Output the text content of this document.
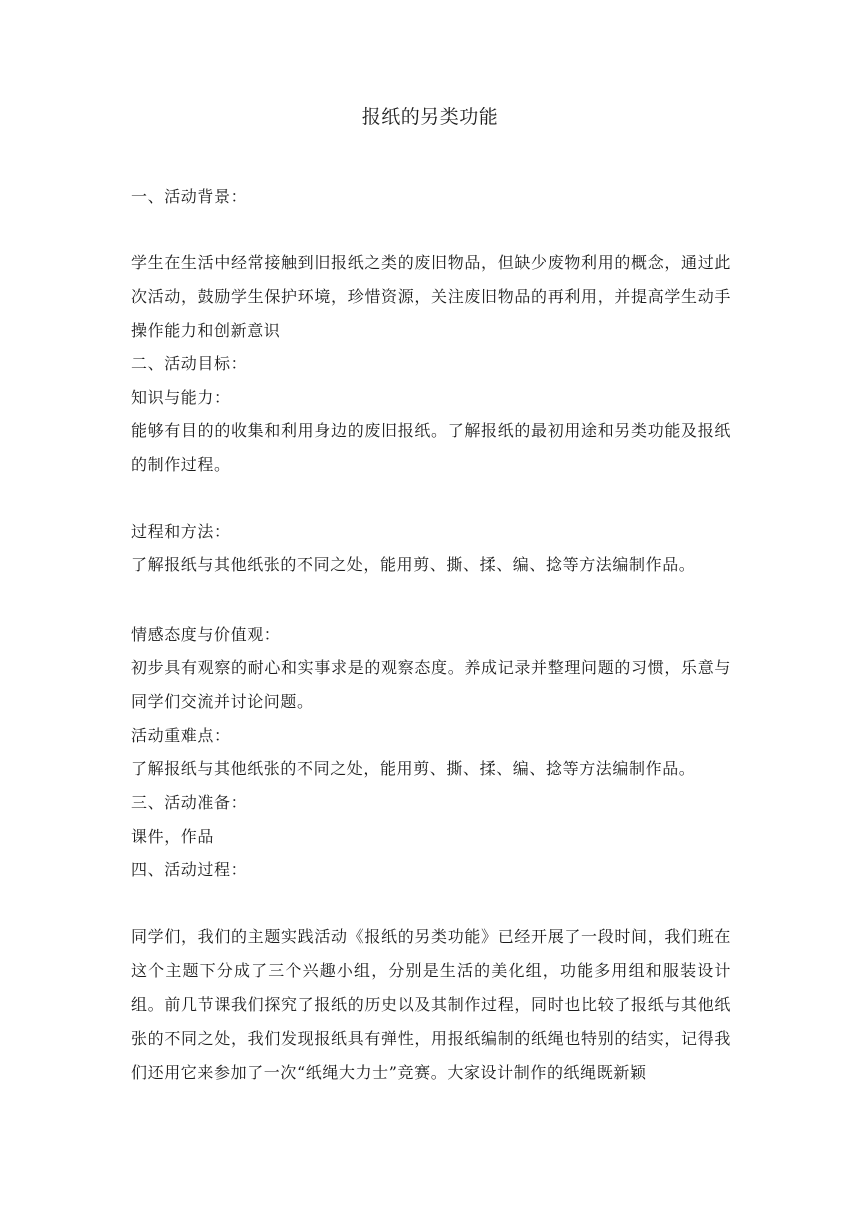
报纸的另类功能
一、活动背景：
学生在生活中经常接触到旧报纸之类的废旧物品，但缺少废物利用的概念，通过此次活动，鼓励学生保护环境，珍惜资源，关注废旧物品的再利用，并提高学生动手操作能力和创新意识
二、活动目标：
知识与能力：
能够有目的的收集和利用身边的废旧报纸。了解报纸的最初用途和另类功能及报纸的制作过程。
过程和方法：
了解报纸与其他纸张的不同之处，能用剪、撕、揉、编、捻等方法编制作品。
情感态度与价值观：
初步具有观察的耐心和实事求是的观察态度。养成记录并整理问题的习惯，乐意与同学们交流并讨论问题。
活动重难点：
了解报纸与其他纸张的不同之处，能用剪、撕、揉、编、捻等方法编制作品。
三、活动准备：
课件，作品
四、活动过程：
同学们，我们的主题实践活动《报纸的另类功能》已经开展了一段时间，我们班在这个主题下分成了三个兴趣小组，分别是生活的美化组，功能多用组和服装设计组。前几节课我们探究了报纸的历史以及其制作过程，同时也比较了报纸与其他纸张的不同之处，我们发现报纸具有弹性，用报纸编制的纸绳也特别的结实，记得我们还用它来参加了一次“纸绳大力士”竞赛。大家设计制作的纸绳既新颖
